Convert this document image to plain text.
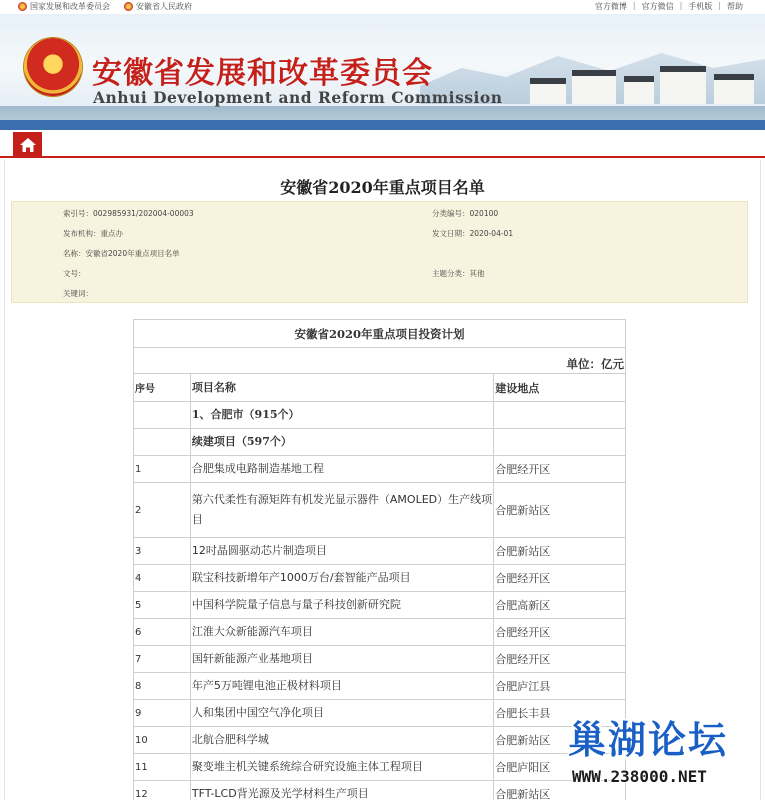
国家发展和改革委员会	安徽省人民政府	官方微博 | 官方微信 | 手机版 | 帮助
★ 安徽省发展和改革委员会
Anhui Development and Reform Commission
安徽省2020年重点项目名单
索引号：002985931/202004-00003	分类编号：020100
发布机构：重点办	发文日期：2020-04-01
名称：安徽省2020年重点项目名单
文号：	主题分类：其他
关键词：
安徽省2020年重点项目投资计划		
单位：亿元		
序号	项目名称	建设地点
	1、合肥市（915个）	
	续建项目（597个）	
1	合肥集成电路制造基地工程	合肥经开区
2	第六代柔性有源矩阵有机发光显示器件（AMOLED）生产线项目	合肥新站区
3	12吋晶圆驱动芯片制造项目	合肥新站区
4	联宝科技新增年产1000万台/套智能产品项目	合肥经开区
5	中国科学院量子信息与量子科技创新研究院	合肥高新区
6	江淮大众新能源汽车项目	合肥经开区
7	国轩新能源产业基地项目	合肥经开区
8	年产5万吨锂电池正极材料项目	合肥庐江县
9	人和集团中国空气净化项目	合肥长丰县
10	北航合肥科学城	合肥新站区
11	聚变堆主机关键系统综合研究设施主体工程项目	合肥庐阳区
12	TFT-LCD背光源及光学材料生产项目	合肥新站区
巢湖论坛
WWW.238000.NET
